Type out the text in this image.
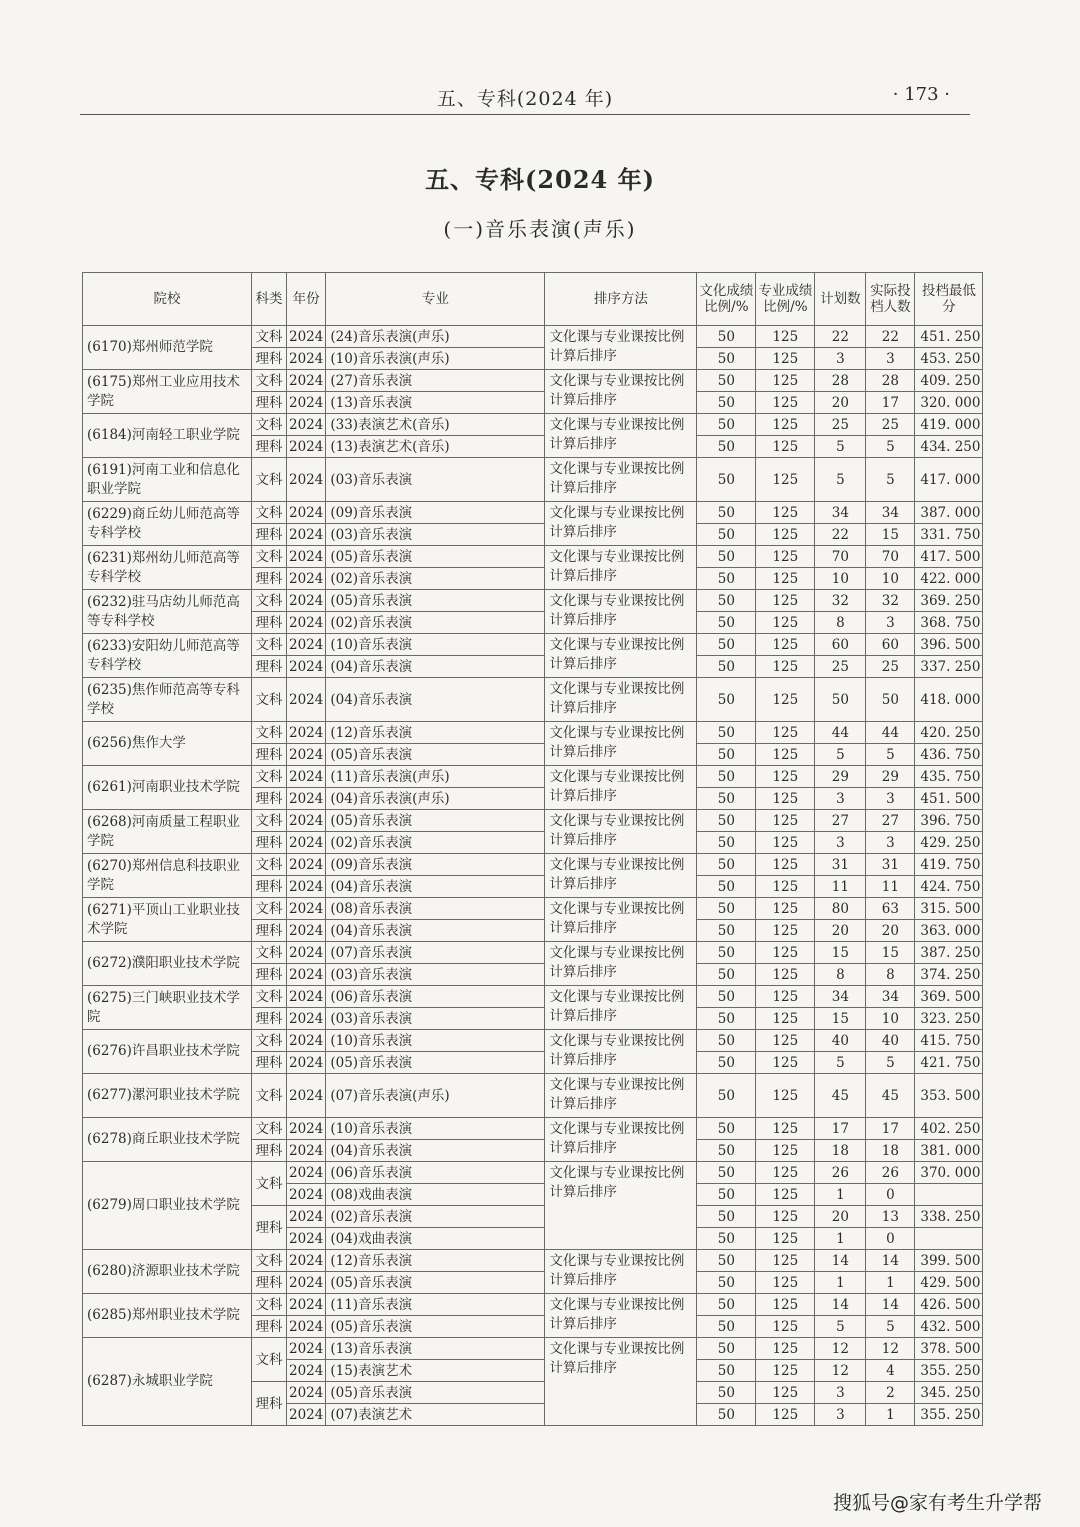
五、专科(2024 年)	· 173 ·
五、专科(2024 年)
(一)音乐表演(声乐)
院校	科类	年份	专业	排序方法	文化成绩比例/%	专业成绩比例/%	计划数	实际投档人数	投档最低分
(6170)郑州师范学院	文科	2024	(24)音乐表演(声乐)	文化课与专业课按比例计算后排序	50	125	22	22	451. 250
	理科	2024	(10)音乐表演(声乐)		50	125	3	3	453. 250
(6175)郑州工业应用技术学院	文科	2024	(27)音乐表演	文化课与专业课按比例计算后排序	50	125	28	28	409. 250
	理科	2024	(13)音乐表演		50	125	20	17	320. 000
(6184)河南轻工职业学院	文科	2024	(33)表演艺术(音乐)	文化课与专业课按比例计算后排序	50	125	25	25	419. 000
	理科	2024	(13)表演艺术(音乐)		50	125	5	5	434. 250
(6191)河南工业和信息化职业学院	文科	2024	(03)音乐表演	文化课与专业课按比例计算后排序	50	125	5	5	417. 000
(6229)商丘幼儿师范高等专科学校	文科	2024	(09)音乐表演	文化课与专业课按比例计算后排序	50	125	34	34	387. 000
	理科	2024	(03)音乐表演		50	125	22	15	331. 750
(6231)郑州幼儿师范高等专科学校	文科	2024	(05)音乐表演	文化课与专业课按比例计算后排序	50	125	70	70	417. 500
	理科	2024	(02)音乐表演		50	125	10	10	422. 000
(6232)驻马店幼儿师范高等专科学校	文科	2024	(05)音乐表演	文化课与专业课按比例计算后排序	50	125	32	32	369. 250
	理科	2024	(02)音乐表演		50	125	8	3	368. 750
(6233)安阳幼儿师范高等专科学校	文科	2024	(10)音乐表演	文化课与专业课按比例计算后排序	50	125	60	60	396. 500
	理科	2024	(04)音乐表演		50	125	25	25	337. 250
(6235)焦作师范高等专科学校	文科	2024	(04)音乐表演	文化课与专业课按比例计算后排序	50	125	50	50	418. 000
(6256)焦作大学	文科	2024	(12)音乐表演	文化课与专业课按比例计算后排序	50	125	44	44	420. 250
	理科	2024	(05)音乐表演		50	125	5	5	436. 750
(6261)河南职业技术学院	文科	2024	(11)音乐表演(声乐)	文化课与专业课按比例计算后排序	50	125	29	29	435. 750
	理科	2024	(04)音乐表演(声乐)		50	125	3	3	451. 500
(6268)河南质量工程职业学院	文科	2024	(05)音乐表演	文化课与专业课按比例计算后排序	50	125	27	27	396. 750
	理科	2024	(02)音乐表演		50	125	3	3	429. 250
(6270)郑州信息科技职业学院	文科	2024	(09)音乐表演	文化课与专业课按比例计算后排序	50	125	31	31	419. 750
	理科	2024	(04)音乐表演		50	125	11	11	424. 750
(6271)平顶山工业职业技术学院	文科	2024	(08)音乐表演	文化课与专业课按比例计算后排序	50	125	80	63	315. 500
	理科	2024	(04)音乐表演		50	125	20	20	363. 000
(6272)濮阳职业技术学院	文科	2024	(07)音乐表演	文化课与专业课按比例计算后排序	50	125	15	15	387. 250
	理科	2024	(03)音乐表演		50	125	8	8	374. 250
(6275)三门峡职业技术学院	文科	2024	(06)音乐表演	文化课与专业课按比例计算后排序	50	125	34	34	369. 500
	理科	2024	(03)音乐表演		50	125	15	10	323. 250
(6276)许昌职业技术学院	文科	2024	(10)音乐表演	文化课与专业课按比例计算后排序	50	125	40	40	415. 750
	理科	2024	(05)音乐表演		50	125	5	5	421. 750
(6277)漯河职业技术学院	文科	2024	(07)音乐表演(声乐)	文化课与专业课按比例计算后排序	50	125	45	45	353. 500
(6278)商丘职业技术学院	文科	2024	(10)音乐表演	文化课与专业课按比例计算后排序	50	125	17	17	402. 250
	理科	2024	(04)音乐表演		50	125	18	18	381. 000
(6279)周口职业技术学院	文科	2024	(06)音乐表演	文化课与专业课按比例计算后排序	50	125	26	26	370. 000
		2024	(08)戏曲表演		50	125	1	0	
	理科	2024	(02)音乐表演		50	125	20	13	338. 250
		2024	(04)戏曲表演		50	125	1	0	
(6280)济源职业技术学院	文科	2024	(12)音乐表演	文化课与专业课按比例计算后排序	50	125	14	14	399. 500
	理科	2024	(05)音乐表演		50	125	1	1	429. 500
(6285)郑州职业技术学院	文科	2024	(11)音乐表演	文化课与专业课按比例计算后排序	50	125	14	14	426. 500
	理科	2024	(05)音乐表演		50	125	5	5	432. 500
(6287)永城职业学院	文科	2024	(13)音乐表演	文化课与专业课按比例计算后排序	50	125	12	12	378. 500
		2024	(15)表演艺术		50	125	12	4	355. 250
	理科	2024	(05)音乐表演		50	125	3	2	345. 250
		2024	(07)表演艺术		50	125	3	1	355. 250
搜狐号@家有考生升学帮
